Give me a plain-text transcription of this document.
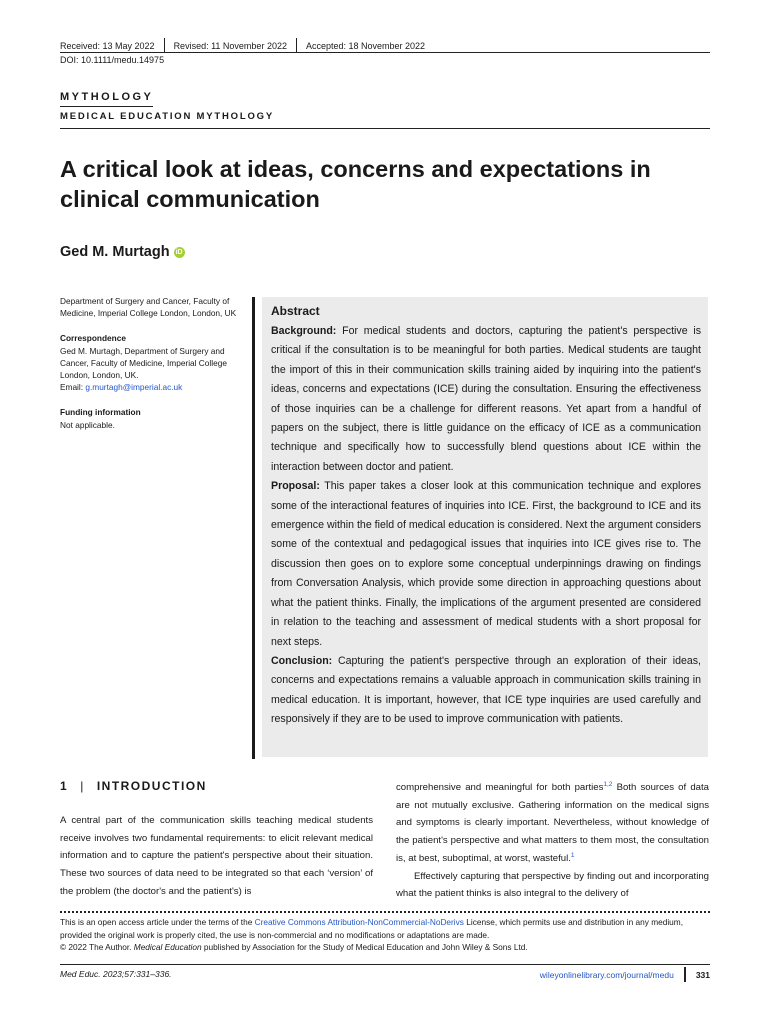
Received: 13 May 2022	Revised: 11 November 2022	Accepted: 18 November 2022
DOI: 10.1111/medu.14975
MYTHOLOGY
MEDICAL EDUCATION MYTHOLOGY
A critical look at ideas, concerns and expectations in clinical communication
Ged M. Murtagh iD
Department of Surgery and Cancer, Faculty of Medicine, Imperial College London, London, UK
Correspondence
Ged M. Murtagh, Department of Surgery and Cancer, Faculty of Medicine, Imperial College London, London, UK.
Email: g.murtagh@imperial.ac.uk
Funding information
Not applicable.
Abstract

Background: For medical students and doctors, capturing the patient's perspective is critical if the consultation is to be meaningful for both parties. Medical students are taught the import of this in their communication skills training aided by inquiring into the patient's ideas, concerns and expectations (ICE) during the consultation. Ensuring the effectiveness of those inquiries can be a challenge for different reasons. Yet apart from a handful of papers on the subject, there is little guidance on the efficacy of ICE as a communication technique and specifically how to successfully blend questions about ICE within the interaction between doctor and patient.

Proposal: This paper takes a closer look at this communication technique and explores some of the interactional features of inquiries into ICE. First, the background to ICE and its emergence within the field of medical education is considered. Next the argument considers some of the contextual and pedagogical issues that inquiries into ICE gives rise to. The discussion then goes on to explore some conceptual underpinnings drawing on findings from Conversation Analysis, which provide some direction in approaching questions about what the patient thinks. Finally, the implications of the argument presented are considered in relation to the teaching and assessment of medical students with a short proposal for next steps.

Conclusion: Capturing the patient's perspective through an exploration of their ideas, concerns and expectations remains a valuable approach in communication skills training in medical education. It is important, however, that ICE type inquiries are used carefully and responsively if they are to be used to improve communication with patients.

1 | INTRODUCTION
A central part of the communication skills teaching medical students receive involves two fundamental requirements: to elicit relevant medical information and to capture the patient's perspective about their situation. These two sources of data need to be integrated so that each ‘version’ of the problem (the doctor's and the patient's) is

comprehensive and meaningful for both parties$^{1,2}$ Both sources of data are not mutually exclusive. Gathering information on the medical signs and symptoms is clearly important. Nevertheless, without knowledge of the patient's perspective and what matters to them most, the consultation is, at best, suboptimal, at worst, wasteful.$^1$

Effectively capturing that perspective by finding out and incorporating what the patient thinks is also integral to the delivery of

This is an open access article under the terms of the Creative Commons Attribution-NonCommercial-NoDerivs License, which permits use and distribution in any medium, provided the original work is properly cited, the use is non-commercial and no modifications or adaptations are made.
© 2022 The Author. Medical Education published by Association for the Study of Medical Education and John Wiley & Sons Ltd.
Med Educ. 2023;57:331–336.	wileyonlinelibrary.com/journal/medu	331
